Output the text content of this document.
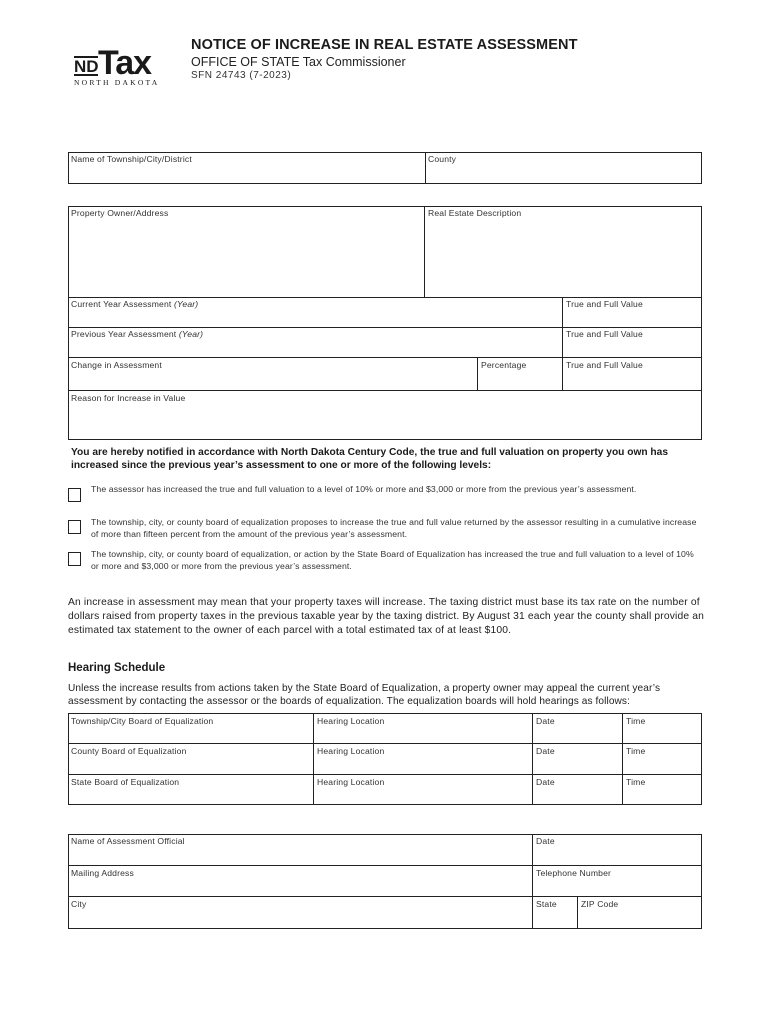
ND Tax
NORTH DAKOTA
NOTICE OF INCREASE IN REAL ESTATE ASSESSMENT
OFFICE OF STATE Tax Commissioner
SFN 24743 (7-2023)
Name of Township/City/District	County
Property Owner/Address	Real Estate Description
Current Year Assessment (Year)	True and Full Value
Previous Year Assessment (Year)	True and Full Value
Change in Assessment	Percentage	True and Full Value
Reason for Increase in Value
You are hereby notified in accordance with North Dakota Century Code, the true and full valuation on property you own has increased since the previous year’s assessment to one or more of the following levels:
The assessor has increased the true and full valuation to a level of 10% or more and $3,000 or more from the previous year’s assessment.
The township, city, or county board of equalization proposes to increase the true and full value returned by the assessor resulting in a cumulative increase of more than fifteen percent from the amount of the previous year’s assessment.
The township, city, or county board of equalization, or action by the State Board of Equalization has increased the true and full valuation to a level of 10% or more and $3,000 or more from the previous year’s assessment.
An increase in assessment may mean that your property taxes will increase. The taxing district must base its tax rate on the number of dollars raised from property taxes in the previous taxable year by the taxing district. By August 31 each year the county shall provide an estimated tax statement to the owner of each parcel with a total estimated tax of at least $100.
Hearing Schedule
Unless the increase results from actions taken by the State Board of Equalization, a property owner may appeal the current year’s assessment by contacting the assessor or the boards of equalization. The equalization boards will hold hearings as follows:
Township/City Board of Equalization	Hearing Location	Date	Time
County Board of Equalization	Hearing Location	Date	Time
State Board of Equalization	Hearing Location	Date	Time
Name of Assessment Official	Date
Mailing Address	Telephone Number
City	State	ZIP Code
